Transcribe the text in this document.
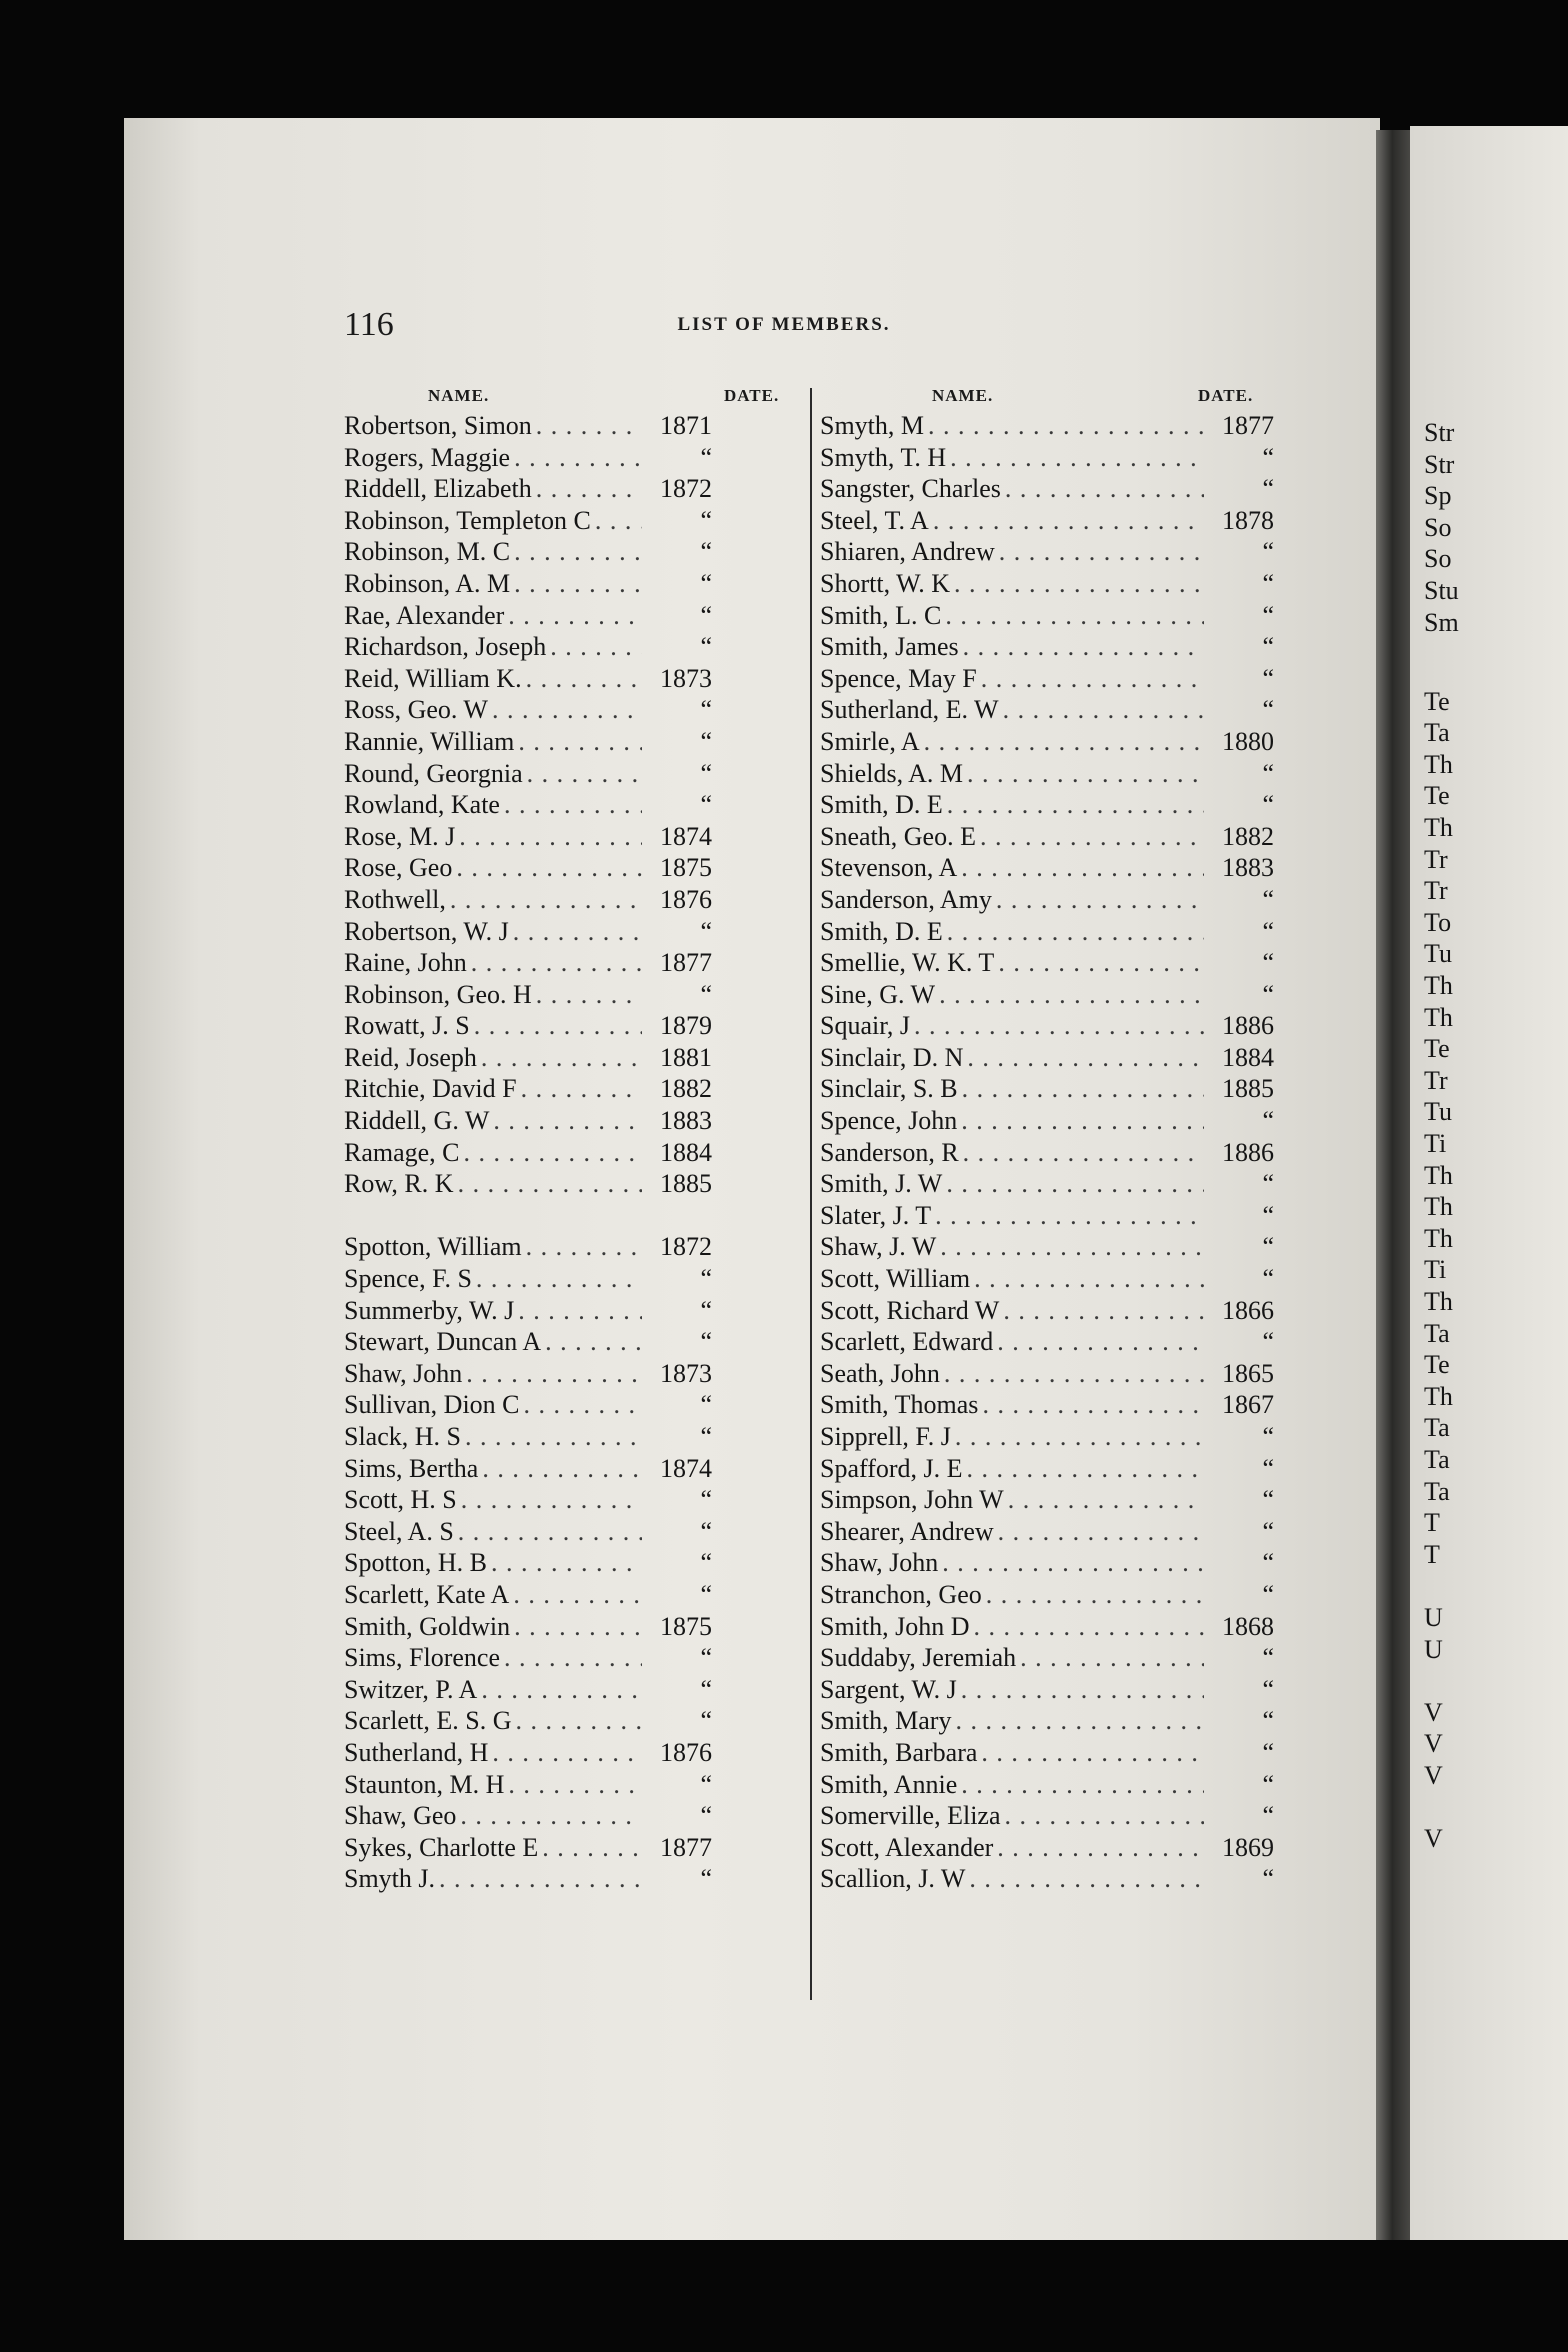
Str
Str
Sp
So
So
Stu
Sm
Te
Ta
Th
Te
Th
Tr
Tr
To
Tu
Th
Th
Te
Tr
Tu
Ti
Th
Th
Th
Ti
Th
Ta
Te
Th
Ta
Ta
Ta
T
T
U
U
V
V
V
V
116	LIST OF MEMBERS.
NAME.	DATE.	NAME.	DATE.
Robertson, Simon . . .	1871
Rogers, Maggie . . .	“
Riddell, Elizabeth . . .	1872
Robinson, Templeton C . . .	“
Robinson, M. C . . .	“
Robinson, A. M . . .	“
Rae, Alexander . . .	“
Richardson, Joseph . . .	“
Reid, William K. . . .	1873
Ross, Geo. W . . .	“
Rannie, William . . .	“
Round, Georgnia . . .	“
Rowland, Kate . . .	“
Rose, M. J . . .	1874
Rose, Geo . . .	1875
Rothwell, . . .	1876
Robertson, W. J . . .	“
Raine, John . . .	1877
Robinson, Geo. H . . .	“
Rowatt, J. S . . .	1879
Reid, Joseph . . .	1881
Ritchie, David F . . .	1882
Riddell, G. W . . .	1883
Ramage, C . . .	1884
Row, R. K . . .	1885
Spotton, William . . .	1872
Spence, F. S . . .	“
Summerby, W. J . . .	“
Stewart, Duncan A . . .	“
Shaw, John . . .	1873
Sullivan, Dion C . . .	“
Slack, H. S . . .	“
Sims, Bertha . . .	1874
Scott, H. S . . .	“
Steel, A. S . . .	“
Spotton, H. B . . .	“
Scarlett, Kate A . . .	“
Smith, Goldwin . . .	1875
Sims, Florence . . .	“
Switzer, P. A . . .	“
Scarlett, E. S. G . . .	“
Sutherland, H . . .	1876
Staunton, M. H . . .	“
Shaw, Geo . . .	“
Sykes, Charlotte E . . .	1877
Smyth J. . . .	“
Smyth, M . . .	1877
Smyth, T. H . . .	“
Sangster, Charles . . .	“
Steel, T. A . . .	1878
Shiaren, Andrew . . .	“
Shortt, W. K . . .	“
Smith, L. C . . .	“
Smith, James . . .	“
Spence, May F . . .	“
Sutherland, E. W . . .	“
Smirle, A . . .	1880
Shields, A. M . . .	“
Smith, D. E . . .	“
Sneath, Geo. E . . .	1882
Stevenson, A . . .	1883
Sanderson, Amy . . .	“
Smith, D. E . . .	“
Smellie, W. K. T . . .	“
Sine, G. W . . .	“
Squair, J . . .	1886
Sinclair, D. N . . .	1884
Sinclair, S. B . . .	1885
Spence, John . . .	“
Sanderson, R . . .	1886
Smith, J. W . . .	“
Slater, J. T . . .	“
Shaw, J. W . . .	“
Scott, William . . .	“
Scott, Richard W . . .	1866
Scarlett, Edward . . .	“
Seath, John . . .	1865
Smith, Thomas . . .	1867
Sipprell, F. J . . .	“
Spafford, J. E . . .	“
Simpson, John W . . .	“
Shearer, Andrew . . .	“
Shaw, John . . .	“
Stranchon, Geo . . .	“
Smith, John D . . .	1868
Suddaby, Jeremiah . . .	“
Sargent, W. J . . .	“
Smith, Mary . . .	“
Smith, Barbara . . .	“
Smith, Annie . . .	“
Somerville, Eliza . . .	“
Scott, Alexander . . .	1869
Scallion, J. W . . .	“
